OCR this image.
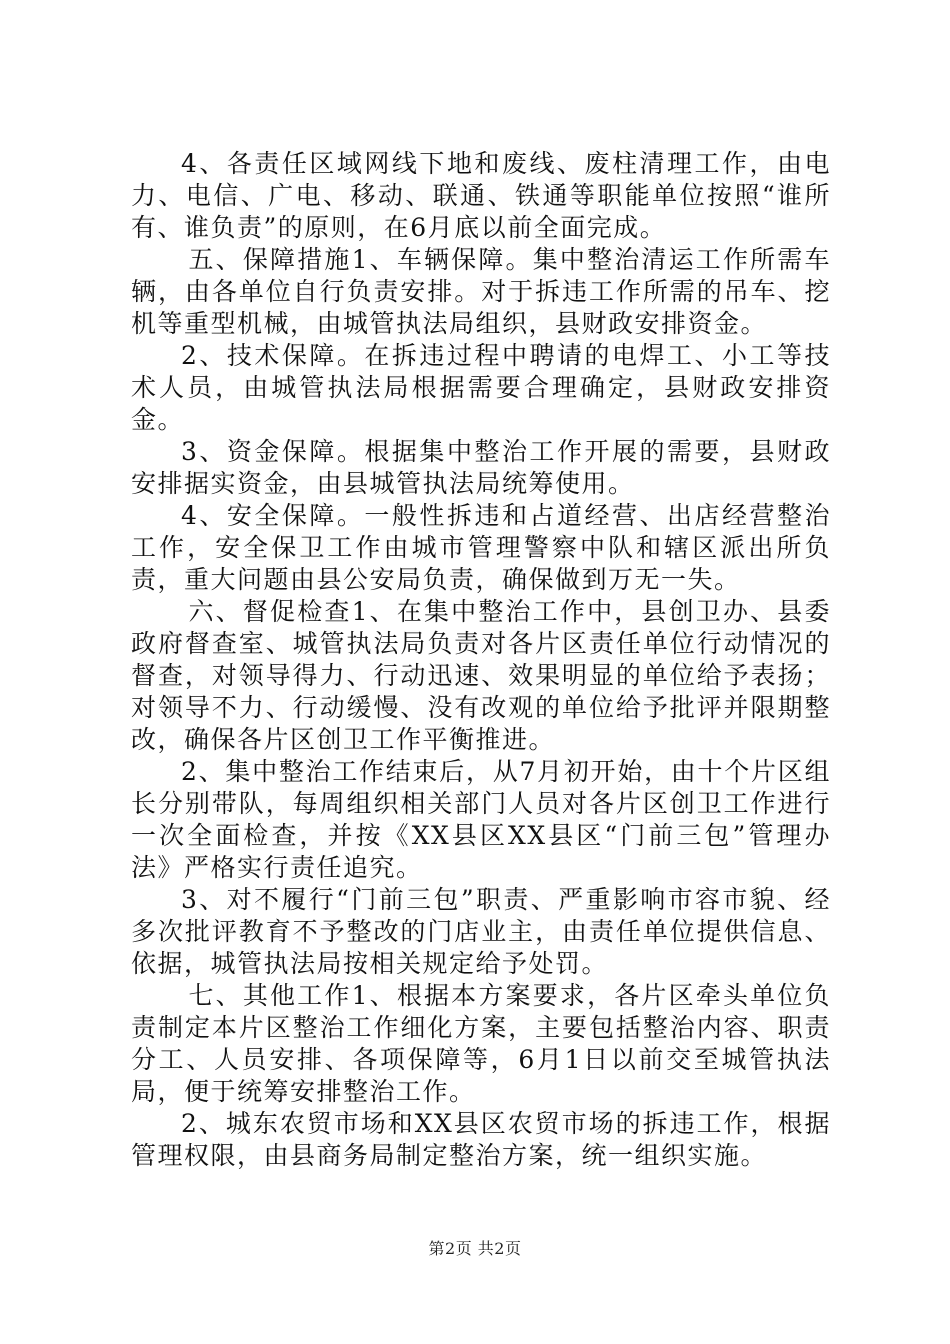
4、各责任区域网线下地和废线、废柱清理工作，由电力、电信、广电、移动、联通、铁通等职能单位按照“谁所有、谁负责”的原则，在6月底以前全面完成。

五、保障措施1、车辆保障。集中整治清运工作所需车辆，由各单位自行负责安排。对于拆违工作所需的吊车、挖机等重型机械，由城管执法局组织，县财政安排资金。

2、技术保障。在拆违过程中聘请的电焊工、小工等技术人员，由城管执法局根据需要合理确定，县财政安排资金。

3、资金保障。根据集中整治工作开展的需要，县财政安排据实资金，由县城管执法局统筹使用。

4、安全保障。一般性拆违和占道经营、出店经营整治工作，安全保卫工作由城市管理警察中队和辖区派出所负责，重大问题由县公安局负责，确保做到万无一失。

六、督促检查1、在集中整治工作中，县创卫办、县委政府督查室、城管执法局负责对各片区责任单位行动情况的督查，对领导得力、行动迅速、效果明显的单位给予表扬；对领导不力、行动缓慢、没有改观的单位给予批评并限期整改，确保各片区创卫工作平衡推进。

2、集中整治工作结束后，从7月初开始，由十个片区组长分别带队，每周组织相关部门人员对各片区创卫工作进行一次全面检查，并按《XX县区XX县区“门前三包”管理办法》严格实行责任追究。

3、对不履行“门前三包”职责、严重影响市容市貌、经多次批评教育不予整改的门店业主，由责任单位提供信息、依据，城管执法局按相关规定给予处罚。

七、其他工作1、根据本方案要求，各片区牵头单位负责制定本片区整治工作细化方案，主要包括整治内容、职责分工、人员安排、各项保障等，6月1日以前交至城管执法局，便于统筹安排整治工作。

2、城东农贸市场和XX县区农贸市场的拆违工作，根据管理权限，由县商务局制定整治方案，统一组织实施。

第2页 共2页
